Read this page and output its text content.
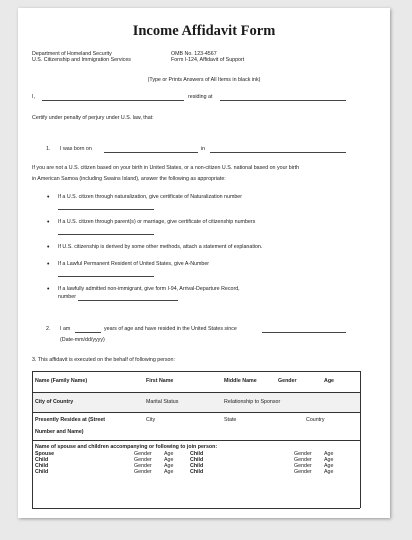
Income Affidavit Form
Department of Homeland Security	OMB No. 123-4567
U.S. Citizenship and Immigration Services	Form I-124, Affidavit of Support
(Type or Prints Answers of All Items in black ink)
I,	residing at
Certify under penalty of perjury under U.S. law, that:
1. I was born on	in
If you are not a U.S. citizen based on your birth in United States, or a non-citizen U.S. national based on your birth
in American Samoa (including Swains Island), answer the following as appropriate:
• If a U.S. citizen through naturalization, give certificate of Naturalization number
• If a U.S. citizen through parent(s) or marriage, give certificate of citizenship numbers
• If U.S. citizenship is derived by some other methods, attach a statement of explanation.
• If a Lawful Permanent Resident of United States, give A-Number
• If a lawfully admitted non-immigrant, give form I-94, Arrival-Departure Record,
number
2. I am	years of age and have resided in the United States since
(Date-mm/dd/yyyy)
3. This affidavit is executed on the behalf of following person:
Name (Family Name)	First Name	Middle Name	Gender	Age
City of Country	Marital Status	Relationship to Sponsor
Presently Resides at (Street
Number and Name)
City	State	Country
Name of spouse and children accompanying or following to join person:
Spouse	Gender Age	Child	Gender Age
Child	Gender Age	Child	Gender Age
Child	Gender Age	Child	Gender Age
Child	Gender Age	Child	Gender Age
